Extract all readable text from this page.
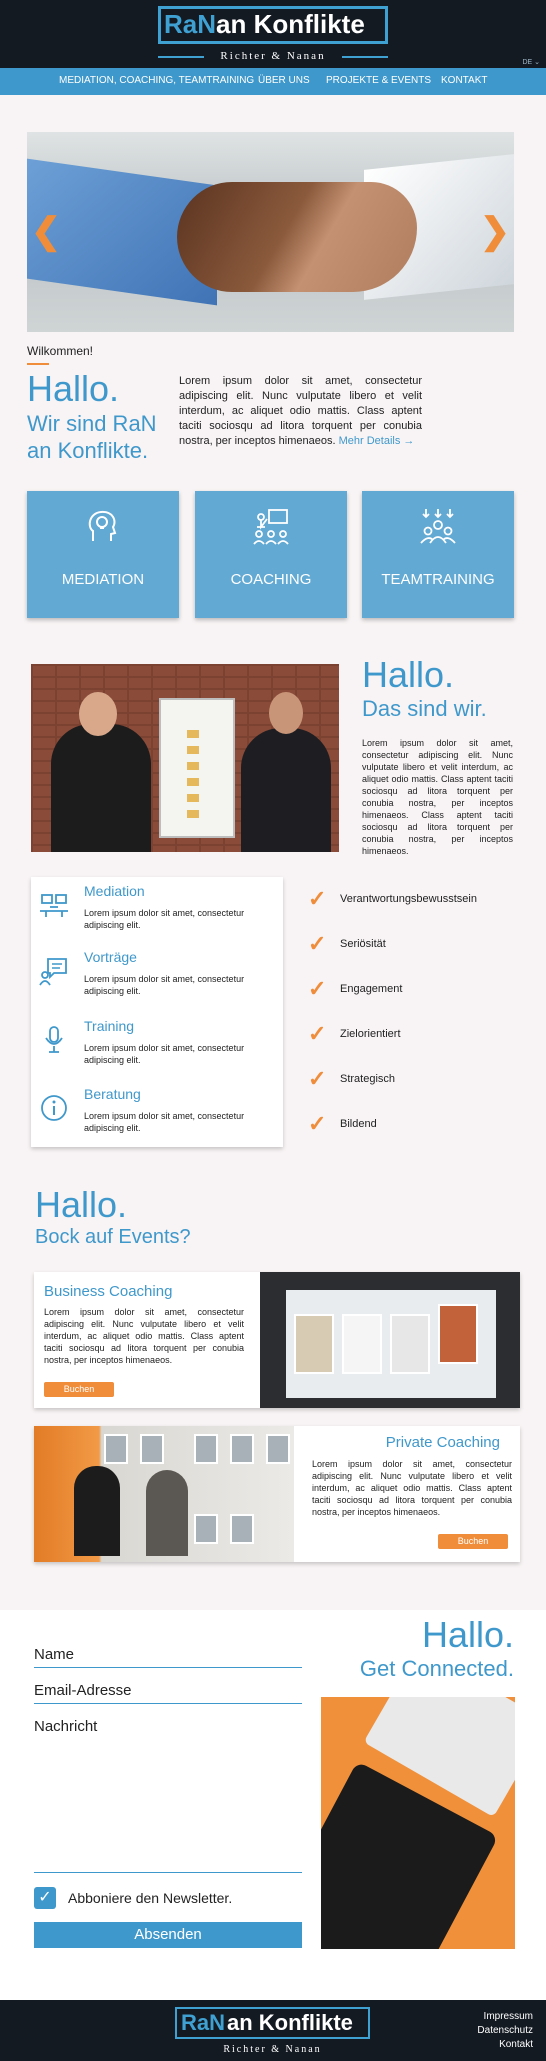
RaN an Konflikte
Richter & Nanan
DE ⌄
MEDIATION, COACHING, TEAMTRAINING ÜBER UNS PROJEKTE & EVENTS KONTAKT
❮	❯
Wilkommen!
Hallo.
Wir sind RaN an Konflikte.
Lorem ipsum dolor sit amet, consectetur adipiscing elit. Nunc vulputate libero et velit interdum, ac aliquet odio mattis. Class aptent taciti sociosqu ad litora torquent per conubia nostra, per inceptos himenaeos. Mehr Details →
MEDIATION	COACHING	TEAMTRAINING
Hallo.
Das sind wir.
Lorem ipsum dolor sit amet, consectetur adipiscing elit. Nunc vulputate libero et velit interdum, ac aliquet odio mattis. Class aptent taciti sociosqu ad litora torquent per conubia nostra, per inceptos himenaeos. Class aptent taciti sociosqu ad litora torquent per conubia nostra, per inceptos himenaeos.
Mediation
Lorem ipsum dolor sit amet, consectetur adipiscing elit.
Vorträge
Lorem ipsum dolor sit amet, consectetur adipiscing elit.
Training
Lorem ipsum dolor sit amet, consectetur adipiscing elit.
Beratung
Lorem ipsum dolor sit amet, consectetur adipiscing elit.
✓ Verantwortungsbewusstsein
✓ Seriösität
✓ Engagement
✓ Zielorientiert
✓ Strategisch
✓ Bildend
Hallo.
Bock auf Events?
Business Coaching
Lorem ipsum dolor sit amet, consectetur adipiscing elit. Nunc vulputate libero et velit interdum, ac aliquet odio mattis. Class aptent taciti sociosqu ad litora torquent per conubia nostra, per inceptos himenaeos.
Buchen
Private Coaching
Lorem ipsum dolor sit amet, consectetur adipiscing elit. Nunc vulputate libero et velit interdum, ac aliquet odio mattis. Class aptent taciti sociosqu ad litora torquent per conubia nostra, per inceptos himenaeos.
Buchen
Name
Email-Adresse
Nachricht
✓	Abboniere den Newsletter.
Absenden
Hallo.
Get Connected.
RaN an Konflikte
Richter & Nanan
Impressum
Datenschutz
Kontakt
